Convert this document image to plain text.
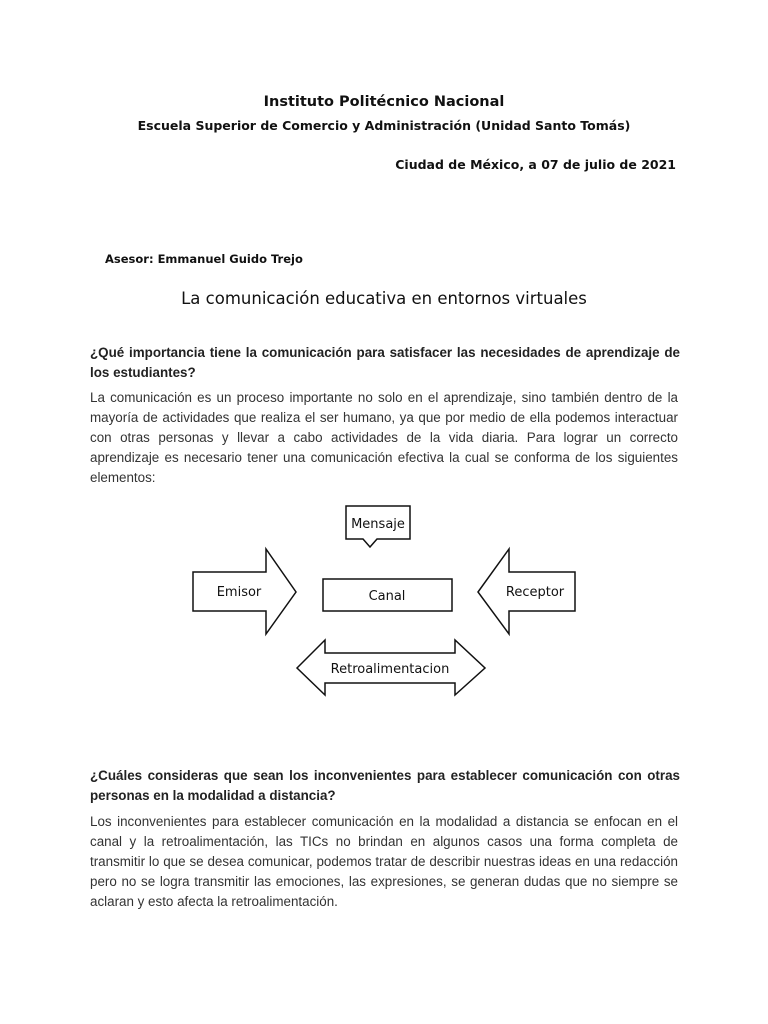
Instituto Politécnico Nacional
Escuela Superior de Comercio y Administración (Unidad Santo Tomás)
Ciudad de México, a 07 de julio de 2021
Asesor: Emmanuel Guido Trejo
La comunicación educativa en entornos virtuales
¿Qué importancia tiene la comunicación para satisfacer las necesidades de aprendizaje de los estudiantes?
La comunicación es un proceso importante no solo en el aprendizaje, sino también dentro de la mayoría de actividades que realiza el ser humano, ya que por medio de ella podemos interactuar con otras personas y llevar a cabo actividades de la vida diaria. Para lograr un correcto aprendizaje es necesario tener una comunicación efectiva la cual se conforma de los siguientes elementos:
Mensaje
Emisor	Canal	Receptor
Retroalimentacion
¿Cuáles consideras que sean los inconvenientes para establecer comunicación con otras personas en la modalidad a distancia?
Los inconvenientes para establecer comunicación en la modalidad a distancia se enfocan en el canal y la retroalimentación, las TICs no brindan en algunos casos una forma completa de transmitir lo que se desea comunicar, podemos tratar de describir nuestras ideas en una redacción pero no se logra transmitir las emociones, las expresiones, se generan dudas que no siempre se aclaran y esto afecta la retroalimentación.
